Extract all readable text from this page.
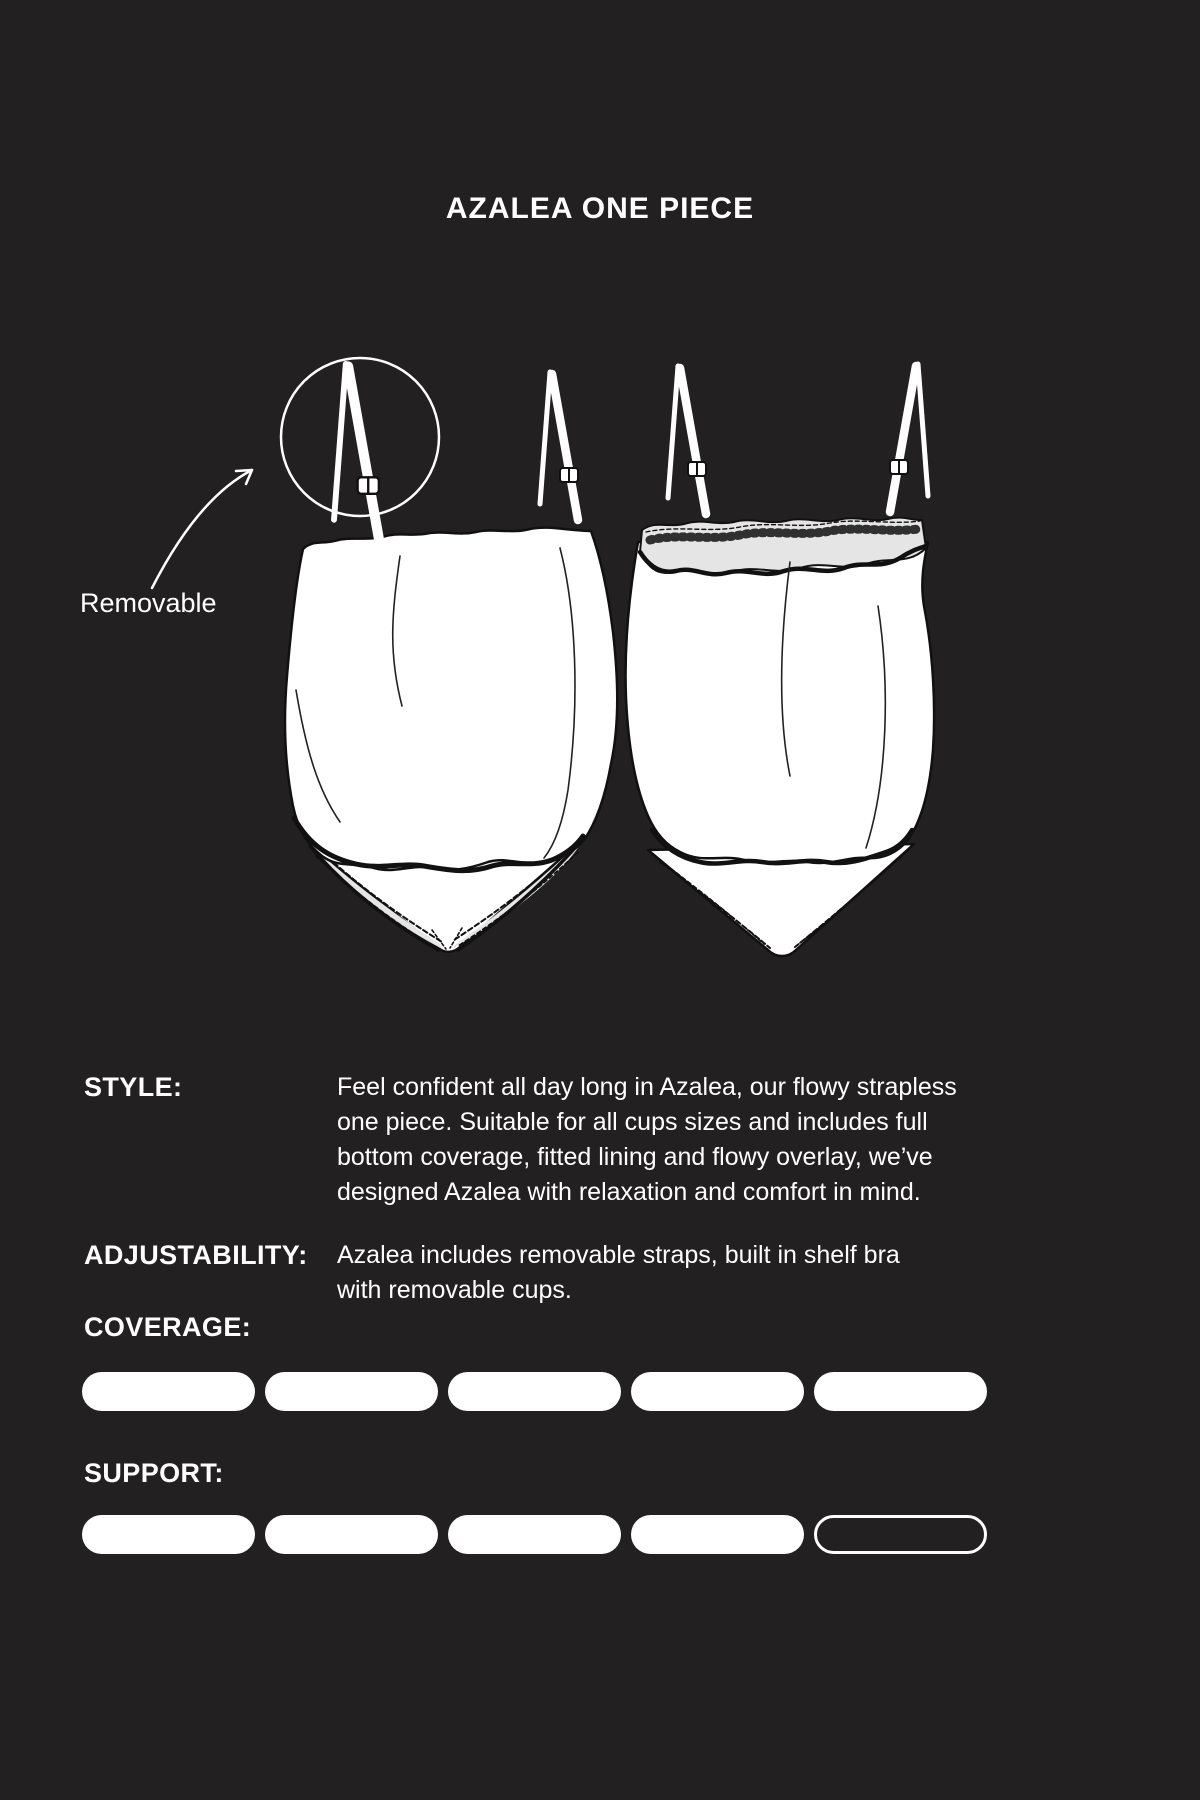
AZALEA ONE PIECE
Removable
STYLE:	Feel confident all day long in Azalea, our flowy strapless one piece. Suitable for all cups sizes and includes full bottom coverage, fitted lining and flowy overlay, we’ve designed Azalea with relaxation and comfort in mind.
ADJUSTABILITY: Azalea includes removable straps, built in shelf bra with removable cups.
COVERAGE:
SUPPORT:
